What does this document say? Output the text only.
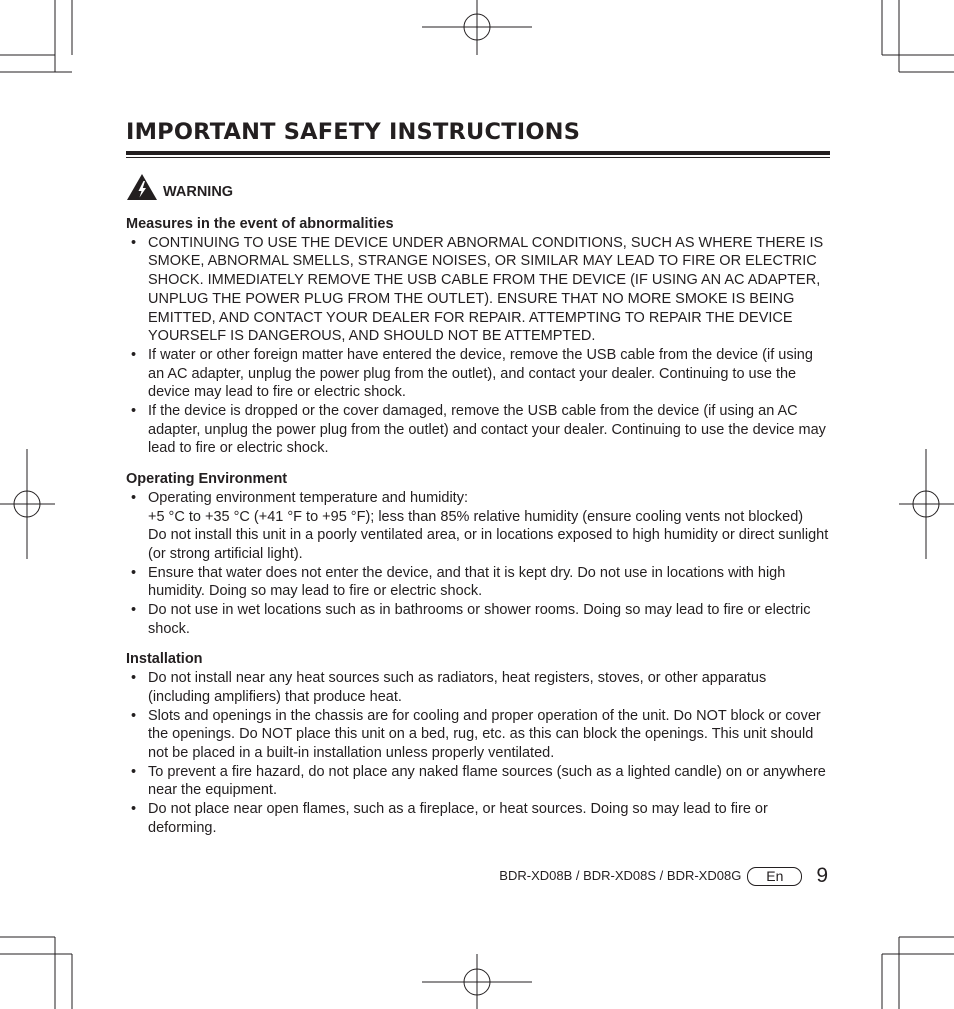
IMPORTANT SAFETY INSTRUCTIONS
WARNING
Measures in the event of abnormalities
• CONTINUING TO USE THE DEVICE UNDER ABNORMAL CONDITIONS, SUCH AS WHERE THERE IS SMOKE, ABNORMAL SMELLS, STRANGE NOISES, OR SIMILAR MAY LEAD TO FIRE OR ELECTRIC SHOCK. IMMEDIATELY REMOVE THE USB CABLE FROM THE DEVICE (IF USING AN AC ADAPTER, UNPLUG THE POWER PLUG FROM THE OUTLET). ENSURE THAT NO MORE SMOKE IS BEING EMITTED, AND CONTACT YOUR DEALER FOR REPAIR. ATTEMPTING TO REPAIR THE DEVICE YOURSELF IS DANGEROUS, AND SHOULD NOT BE ATTEMPTED.
• If water or other foreign matter have entered the device, remove the USB cable from the device (if using an AC adapter, unplug the power plug from the outlet), and contact your dealer. Continuing to use the device may lead to fire or electric shock.
• If the device is dropped or the cover damaged, remove the USB cable from the device (if using an AC adapter, unplug the power plug from the outlet) and contact your dealer. Continuing to use the device may lead to fire or electric shock.
Operating Environment
• Operating environment temperature and humidity:
+5 °C to +35 °C (+41 °F to +95 °F); less than 85% relative humidity (ensure cooling vents not blocked)
Do not install this unit in a poorly ventilated area, or in locations exposed to high humidity or direct sunlight (or strong artificial light).
• Ensure that water does not enter the device, and that it is kept dry. Do not use in locations with high humidity. Doing so may lead to fire or electric shock.
• Do not use in wet locations such as in bathrooms or shower rooms. Doing so may lead to fire or electric shock.
Installation
• Do not install near any heat sources such as radiators, heat registers, stoves, or other apparatus (including amplifiers) that produce heat.
• Slots and openings in the chassis are for cooling and proper operation of the unit. Do NOT block or cover the openings. Do NOT place this unit on a bed, rug, etc. as this can block the openings. This unit should not be placed in a built-in installation unless properly ventilated.
• To prevent a fire hazard, do not place any naked flame sources (such as a lighted candle) on or anywhere near the equipment.
• Do not place near open flames, such as a fireplace, or heat sources. Doing so may lead to fire or deforming.
BDR-XD08B / BDR-XD08S / BDR-XD08G	En	9
